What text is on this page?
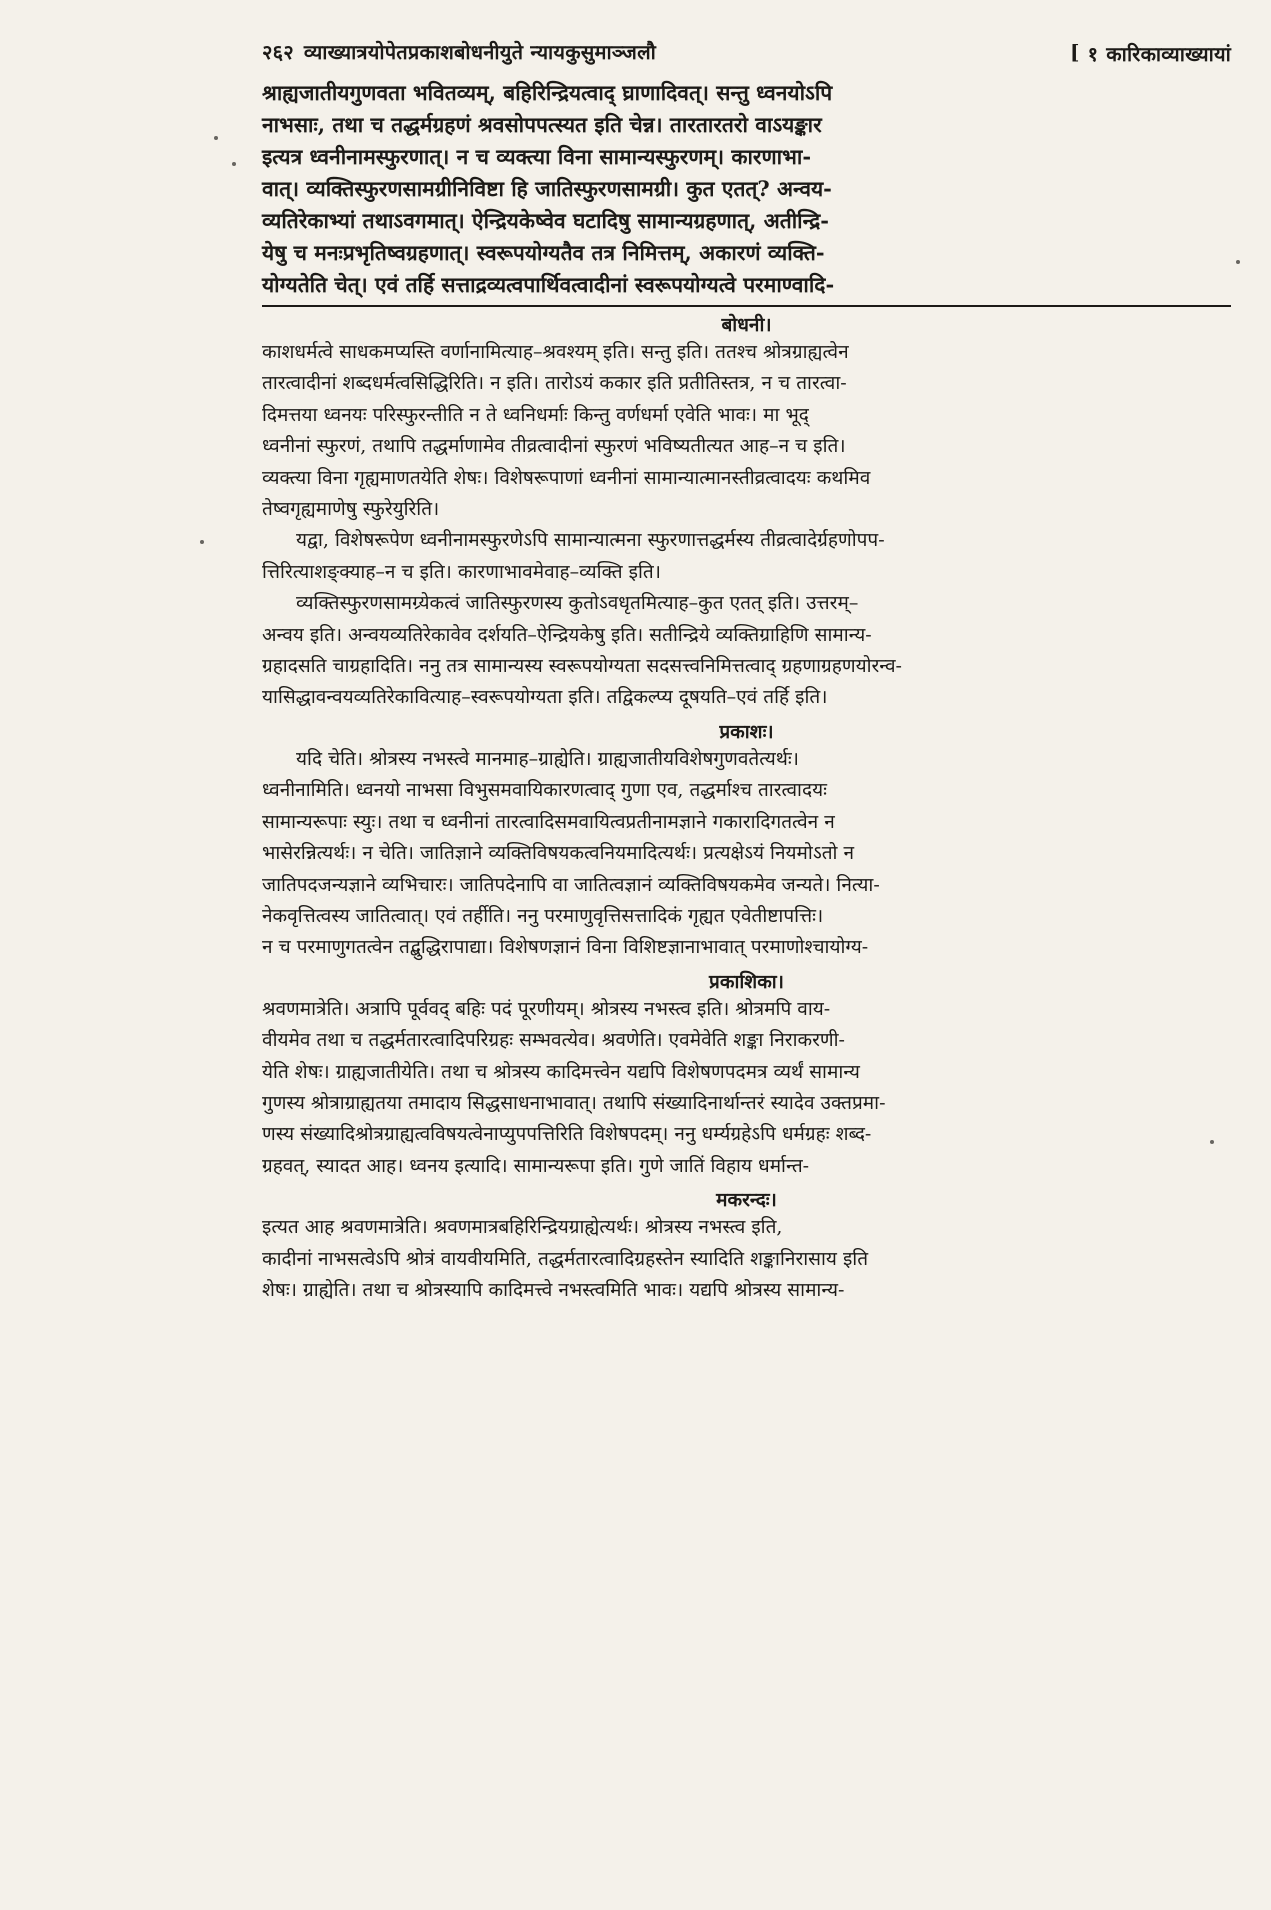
२६२ व्याख्यात्रयोपेतप्रकाशबोधनीयुते न्यायकुसुमाञ्जलौ	[ १ कारिकाव्याख्यायां

श्राह्यजातीयगुणवता भवितव्यम्, बहिरिन्द्रियत्वाद् घ्राणादिवत्। सन्तु ध्वनयोऽपि

नाभसाः, तथा च तद्धर्मग्रहणं श्रवसोपपत्स्यत इति चेन्न। तारतारतरो वाऽयङ्कार

इत्यत्र ध्वनीनामस्फुरणात्। न च व्यक्त्या विना सामान्यस्फुरणम्। कारणाभा-

वात्। व्यक्तिस्फुरणसामग्रीनिविष्टा हि जातिस्फुरणसामग्री। कुत एतत्? अन्वय-

व्यतिरेकाभ्यां तथाऽवगमात्। ऐन्द्रियकेष्वेव घटादिषु सामान्यग्रहणात्, अतीन्द्रि-

येषु च मनःप्रभृतिष्वग्रहणात्। स्वरूपयोग्यतैव तत्र निमित्तम्, अकारणं व्यक्ति-

योग्यतेति चेत्। एवं तर्हि सत्ताद्रव्यत्वपार्थिवत्वादीनां स्वरूपयोग्यत्वे परमाण्वादि-

बोधनी।

काशधर्मत्वे साधकमप्यस्ति वर्णानामित्याह–श्रवश्यम् इति। सन्तु इति। ततश्च श्रोत्रग्राह्यत्वेन

तारत्वादीनां शब्दधर्मत्वसिद्धिरिति। न इति। तारोऽयं ककार इति प्रतीतिस्तत्र, न च तारत्वा-

दिमत्तया ध्वनयः परिस्फुरन्तीति न ते ध्वनिधर्माः किन्तु वर्णधर्मा एवेति भावः। मा भूद्

ध्वनीनां स्फुरणं, तथापि तद्धर्माणामेव तीव्रत्वादीनां स्फुरणं भविष्यतीत्यत आह–न च इति।

व्यक्त्या विना गृह्यमाणतयेति शेषः। विशेषरूपाणां ध्वनीनां सामान्यात्मानस्तीव्रत्वादयः कथमिव

तेष्वगृह्यमाणेषु स्फुरेयुरिति।

यद्वा, विशेषरूपेण ध्वनीनामस्फुरणेऽपि सामान्यात्मना स्फुरणात्तद्धर्मस्य तीव्रत्वादेर्ग्रहणोपप-

त्तिरित्याशङ्क्याह–न च इति। कारणाभावमेवाह–व्यक्ति इति।

व्यक्तिस्फुरणसामग्र्येकत्वं जातिस्फुरणस्य कुतोऽवधृतमित्याह–कुत एतत् इति। उत्तरम्–

अन्वय इति। अन्वयव्यतिरेकावेव दर्शयति–ऐन्द्रियकेषु इति। सतीन्द्रिये व्यक्तिग्राहिणि सामान्य-

ग्रहादसति चाग्रहादिति। ननु तत्र सामान्यस्य स्वरूपयोग्यता सदसत्त्वनिमित्तत्वाद् ग्रहणाग्रहणयोरन्व-

यासिद्धावन्वयव्यतिरेकावित्याह–स्वरूपयोग्यता इति। तद्विकल्प्य दूषयति–एवं तर्हि इति।

प्रकाशः।

यदि चेति। श्रोत्रस्य नभस्त्वे मानमाह–ग्राह्येति। ग्राह्यजातीयविशेषगुणवतेत्यर्थः।

ध्वनीनामिति। ध्वनयो नाभसा विभुसमवायिकारणत्वाद् गुणा एव, तद्धर्माश्च तारत्वादयः

सामान्यरूपाः स्युः। तथा च ध्वनीनां तारत्वादिसमवायित्वप्रतीनामज्ञाने गकारादिगतत्वेन न

भासेरन्नित्यर्थः। न चेति। जातिज्ञाने व्यक्तिविषयकत्वनियमादित्यर्थः। प्रत्यक्षेऽयं नियमोऽतो न

जातिपदजन्यज्ञाने व्यभिचारः। जातिपदेनापि वा जातित्वज्ञानं व्यक्तिविषयकमेव जन्यते। नित्या-

नेकवृत्तित्वस्य जातित्वात्। एवं तर्हीति। ननु परमाणुवृत्तिसत्तादिकं गृह्यत एवेतीष्टापत्तिः।

न च परमाणुगतत्वेन तद्बुद्धिरापाद्या। विशेषणज्ञानं विना विशिष्टज्ञानाभावात् परमाणोश्चायोग्य-

प्रकाशिका।

श्रवणमात्रेति। अत्रापि पूर्ववद् बहिः पदं पूरणीयम्। श्रोत्रस्य नभस्त्व इति। श्रोत्रमपि वाय-

वीयमेव तथा च तद्धर्मतारत्वादिपरिग्रहः सम्भवत्येव। श्रवणेति। एवमेवेति शङ्का निराकरणी-

येति शेषः। ग्राह्यजातीयेति। तथा च श्रोत्रस्य कादिमत्त्वेन यद्यपि विशेषणपदमत्र व्यर्थं सामान्य

गुणस्य श्रोत्राग्राह्यतया तमादाय सिद्धसाधनाभावात्। तथापि संख्यादिनार्थान्तरं स्यादेव उक्तप्रमा-

णस्य संख्यादिश्रोत्रग्राह्यत्वविषयत्वेनाप्युपपत्तिरिति विशेषपदम्। ननु धर्म्यग्रहेऽपि धर्मग्रहः शब्द-

ग्रहवत्, स्यादत आह। ध्वनय इत्यादि। सामान्यरूपा इति। गुणे जातिं विहाय धर्मान्त-

मकरन्दः।

इत्यत आह श्रवणमात्रेति। श्रवणमात्रबहिरिन्द्रियग्राह्येत्यर्थः। श्रोत्रस्य नभस्त्व इति,

कादीनां नाभसत्वेऽपि श्रोत्रं वायवीयमिति, तद्धर्मतारत्वादिग्रहस्तेन स्यादिति शङ्कानिरासाय इति

शेषः। ग्राह्येति। तथा च श्रोत्रस्यापि कादिमत्त्वे नभस्त्वमिति भावः। यद्यपि श्रोत्रस्य सामान्य-
